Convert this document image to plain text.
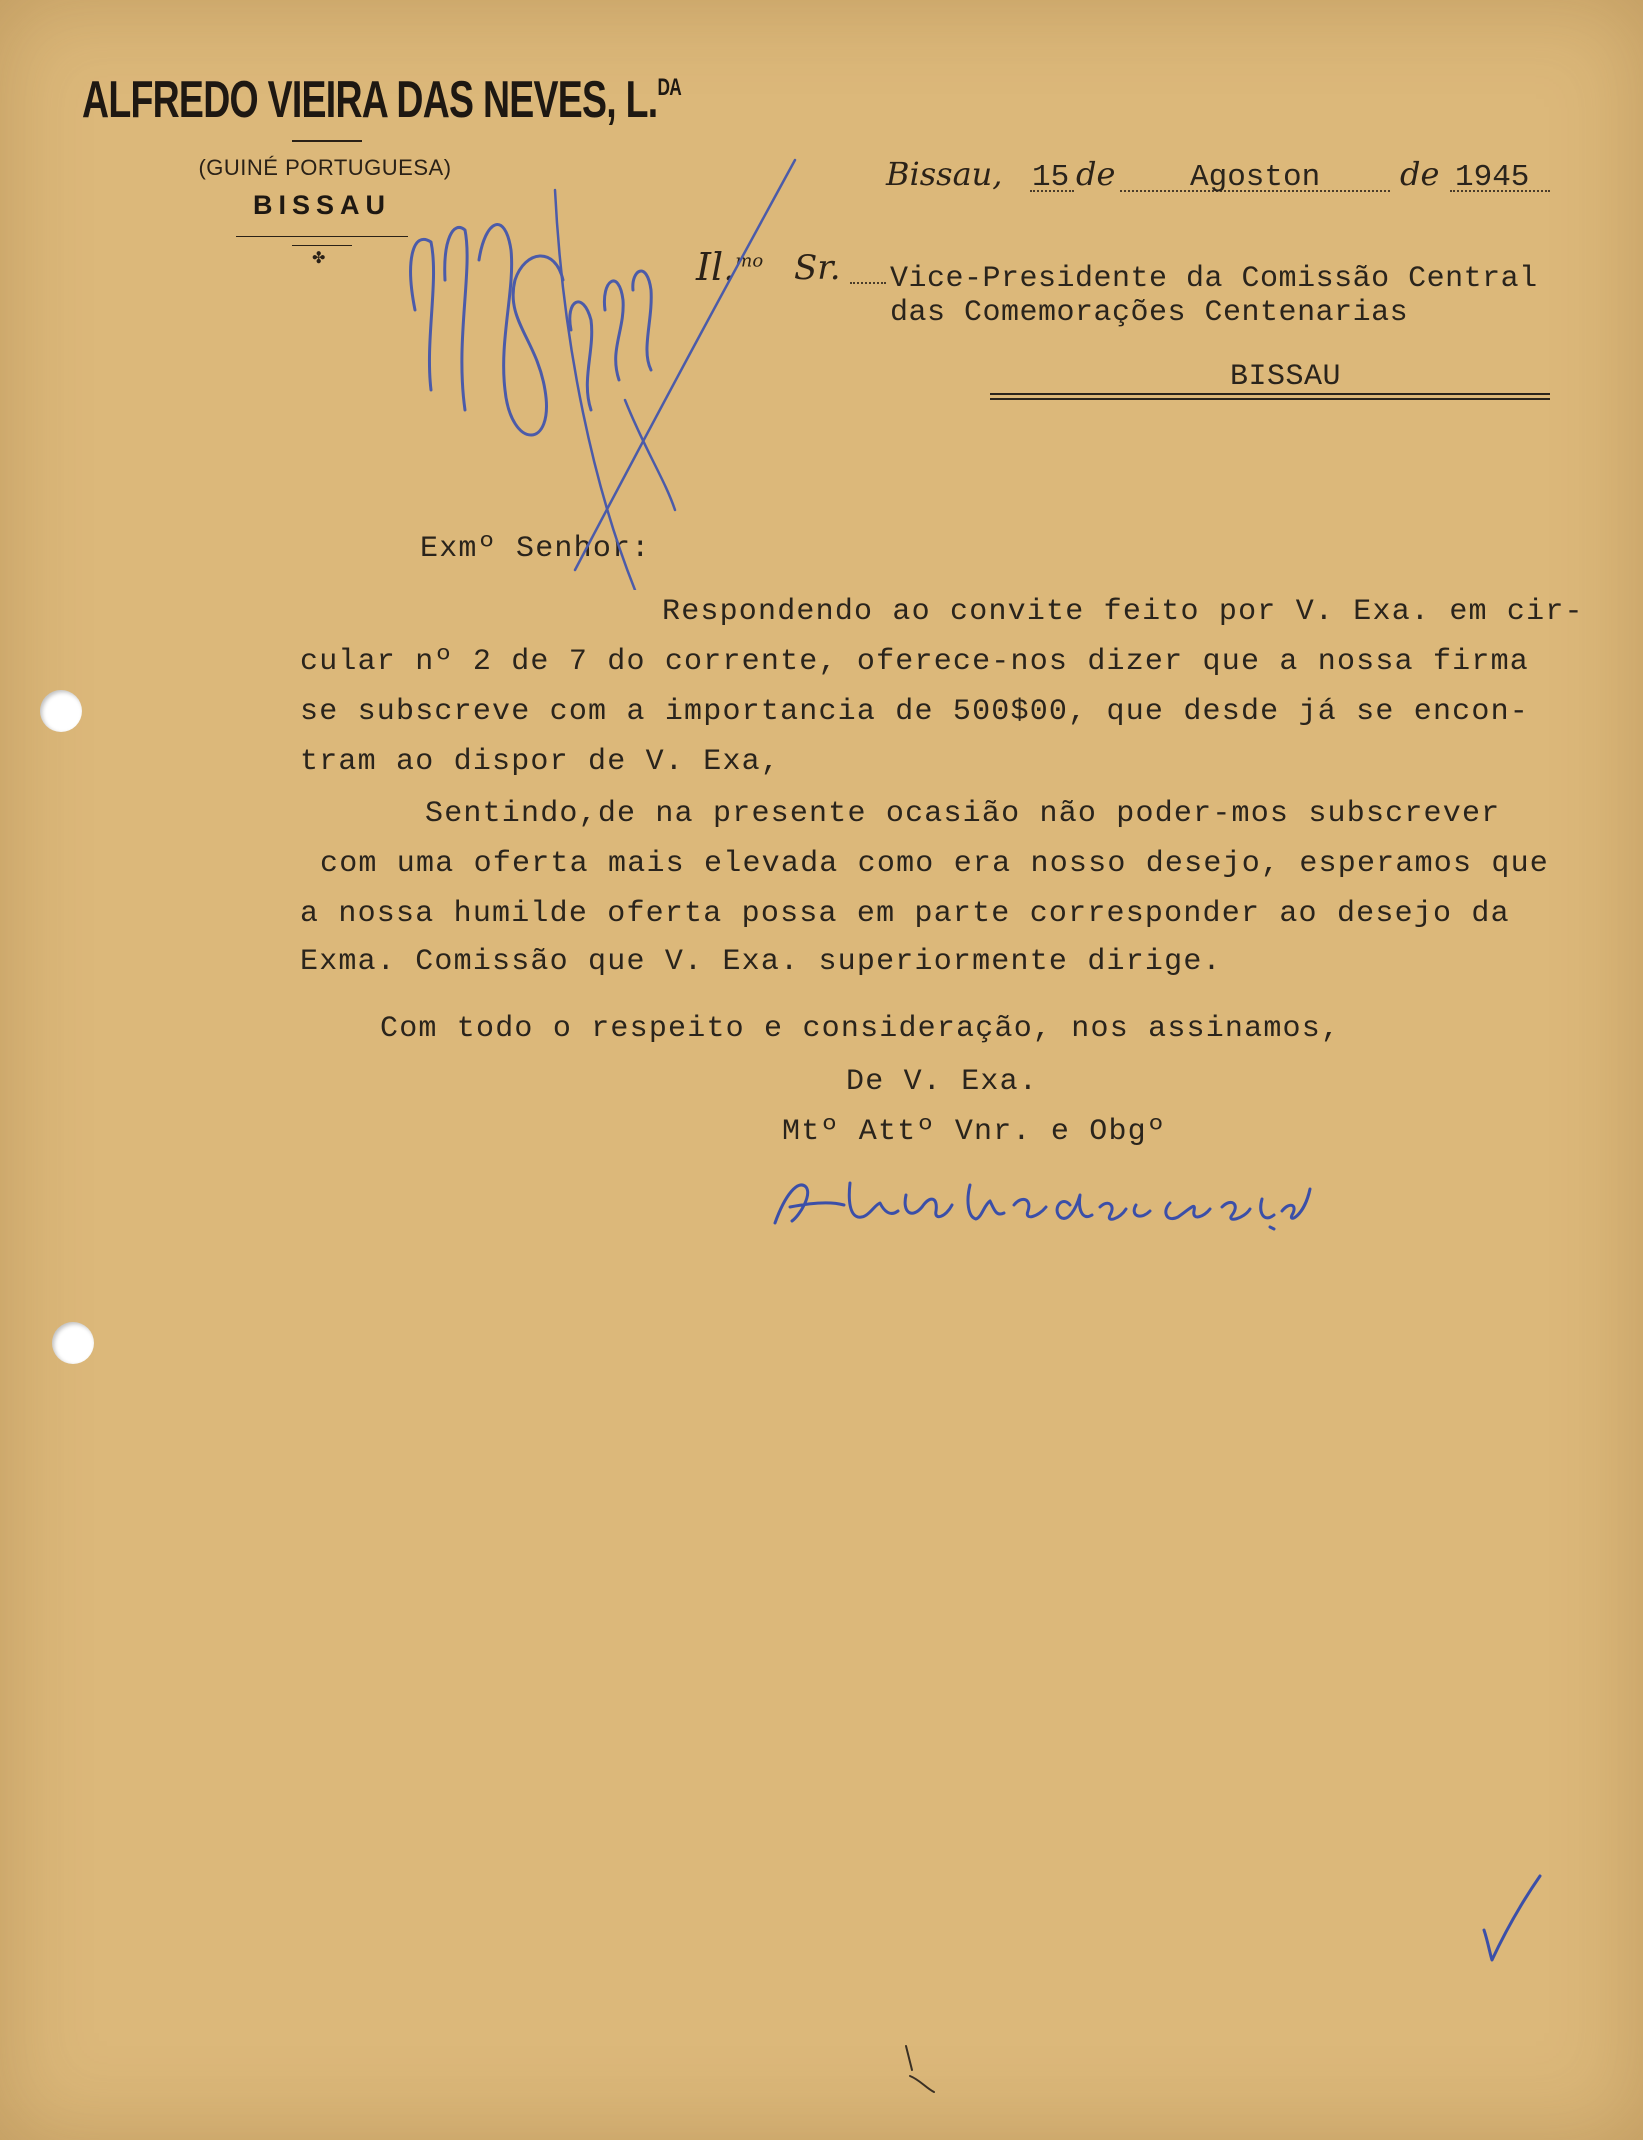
ALFREDO VIEIRA DAS NEVES, L.$^{DA}$
(GUINÉ PORTUGUESA)
BISSAU
✤
Bissau, 15 de Agoston de 1945
Il.$^{mo}$ Sr. Vice-Presidente da Comissão Central
das Comemorações Centenarias
BISSAU
Exmº Senhor:
Respondendo ao convite feito por V. Exa. em cir-
cular nº 2 de 7 do corrente, oferece-nos dizer que a nossa firma
se subscreve com a importancia de 500$00, que desde já se encon-
tram ao dispor de V. Exa,
Sentindo,de na presente ocasião não poder-mos subscrever
com uma oferta mais elevada como era nosso desejo, esperamos que
a nossa humilde oferta possa em parte corresponder ao desejo da
Exma. Comissão que V. Exa. superiormente dirige.
Com todo o respeito e consideração, nos assinamos,
De V. Exa.
Mtº Attº Vnr. e Obgº
